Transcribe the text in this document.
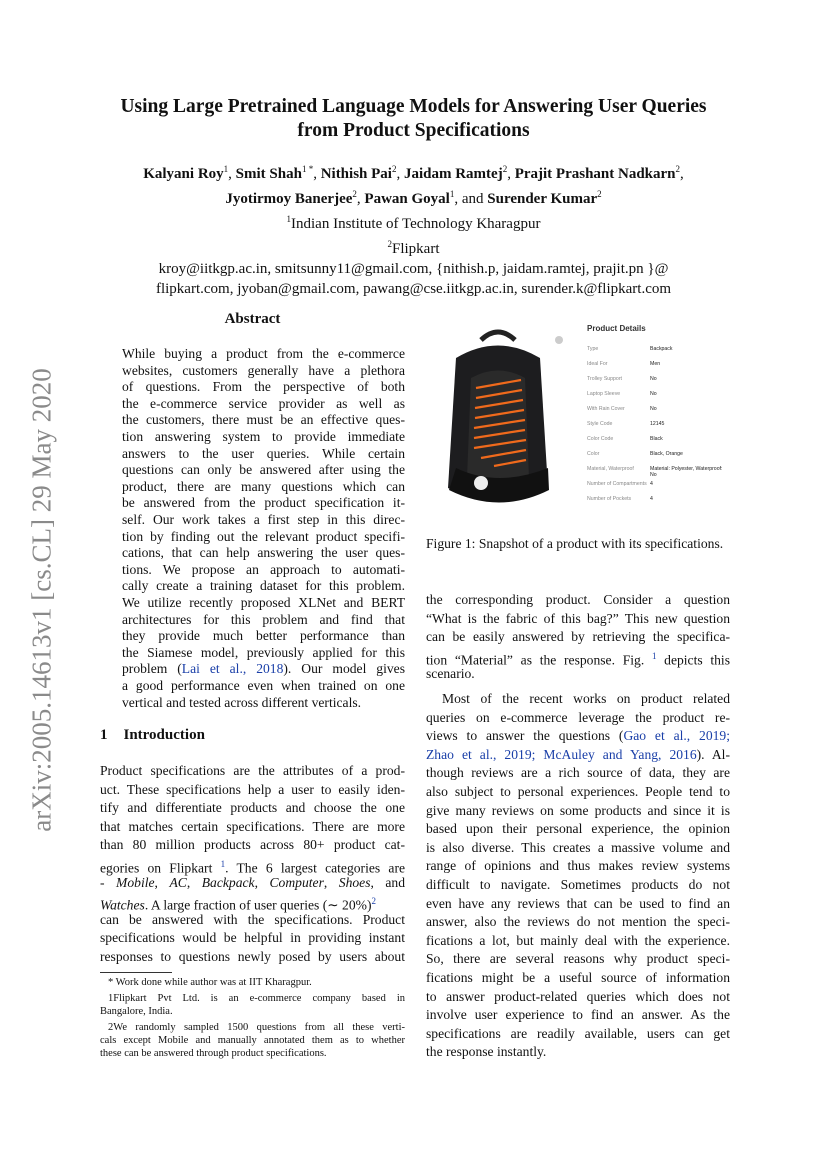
arXiv:2005.14613v1 [cs.CL] 29 May 2020
Using Large Pretrained Language Models for Answering User Queries
from Product Specifications
Kalyani Roy$^1$, Smit Shah$^{1 *}$, Nithish Pai$^2$, Jaidam Ramtej$^2$, Prajit Prashant Nadkarn$^2$,
Jyotirmoy Banerjee$^2$, Pawan Goyal$^1$, and Surender Kumar$^2$
$^1$Indian Institute of Technology Kharagpur
$^2$Flipkart
kroy@iitkgp.ac.in, smitsunny11@gmail.com, {nithish.p, jaidam.ramtej, prajit.pn }@
flipkart.com, jyoban@gmail.com, pawang@cse.iitkgp.ac.in, surender.k@flipkart.com
Abstract
While buying a product from the e-commerce
websites, customers generally have a plethora
of questions. From the perspective of both
the e-commerce service provider as well as
the customers, there must be an effective ques-
tion answering system to provide immediate
answers to the user queries. While certain
questions can only be answered after using the
product, there are many questions which can
be answered from the product specification it-
self. Our work takes a first step in this direc-
tion by finding out the relevant product specifi-
cations, that can help answering the user ques-
tions. We propose an approach to automati-
cally create a training dataset for this problem.
We utilize recently proposed XLNet and BERT
architectures for this problem and find that
they provide much better performance than
the Siamese model, previously applied for this
problem (Lai et al., 2018). Our model gives
a good performance even when trained on one
vertical and tested across different verticals.
1 Introduction
Product specifications are the attributes of a prod-
uct. These specifications help a user to easily iden-
tify and differentiate products and choose the one
that matches certain specifications. There are more
than 80 million products across 80+ product cat-
egories on Flipkart $^1$. The 6 largest categories are
- Mobile, AC, Backpack, Computer, Shoes, and
Watches. A large fraction of user queries (∼ 20%)$^2$
can be answered with the specifications. Product
specifications would be helpful in providing instant
responses to questions newly posed by users about
* Work done while author was at IIT Kharagpur.
1Flipkart Pvt Ltd. is an e-commerce company based in
Bangalore, India.
2We randomly sampled 1500 questions from all these verti-
cals except Mobile and manually annotated them as to whether
these can be answered through product specifications.
Product Details
Type	Backpack
Ideal For	Men
Trolley Support	No
Laptop Sleeve	No
With Rain Cover	No
Style Code	12145
Color Code	Black
Color	Black, Orange
Material, Waterproof	Material: Polyester, Waterproof: No
Number of Compartments 4
Number of Pockets	4
Figure 1: Snapshot of a product with its specifications.
the corresponding product. Consider a question
“What is the fabric of this bag?” This new question
can be easily answered by retrieving the specifica-
tion “Material” as the response. Fig. $^1$ depicts this
scenario.
Most of the recent works on product related
queries on e-commerce leverage the product re-
views to answer the questions (Gao et al., 2019;
Zhao et al., 2019; McAuley and Yang, 2016). Al-
though reviews are a rich source of data, they are
also subject to personal experiences. People tend to
give many reviews on some products and since it is
based upon their personal experience, the opinion
is also diverse. This creates a massive volume and
range of opinions and thus makes review systems
difficult to navigate. Sometimes products do not
even have any reviews that can be used to find an
answer, also the reviews do not mention the speci-
fications a lot, but mainly deal with the experience.
So, there are several reasons why product speci-
fications might be a useful source of information
to answer product-related queries which does not
involve user experience to find an answer. As the
specifications are readily available, users can get
the response instantly.
